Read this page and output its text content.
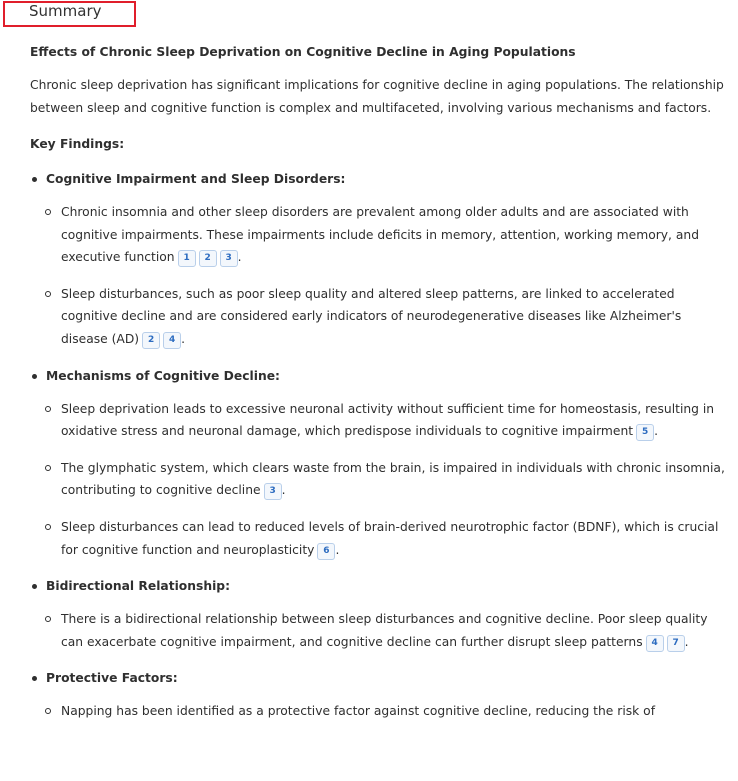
Summary
Effects of Chronic Sleep Deprivation on Cognitive Decline in Aging Populations

Chronic sleep deprivation has significant implications for cognitive decline in aging populations. The relationship between sleep and cognitive function is complex and multifaceted, involving various mechanisms and factors.

Key Findings:
Cognitive Impairment and Sleep Disorders:
Chronic insomnia and other sleep disorders are prevalent among older adults and are associated with cognitive impairments. These impairments include deficits in memory, attention, working memory, and executive function 1 2 3 .
Sleep disturbances, such as poor sleep quality and altered sleep patterns, are linked to accelerated cognitive decline and are considered early indicators of neurodegenerative diseases like Alzheimer's disease (AD) 2 4 .
Mechanisms of Cognitive Decline:
Sleep deprivation leads to excessive neuronal activity without sufficient time for homeostasis, resulting in oxidative stress and neuronal damage, which predispose individuals to cognitive impairment 5 .
The glymphatic system, which clears waste from the brain, is impaired in individuals with chronic insomnia, contributing to cognitive decline 3 .
Sleep disturbances can lead to reduced levels of brain-derived neurotrophic factor (BDNF), which is crucial for cognitive function and neuroplasticity 6 .
Bidirectional Relationship:
There is a bidirectional relationship between sleep disturbances and cognitive decline. Poor sleep quality can exacerbate cognitive impairment, and cognitive decline can further disrupt sleep patterns 4 7 .
Protective Factors:
Napping has been identified as a protective factor against cognitive decline, reducing the risk of
